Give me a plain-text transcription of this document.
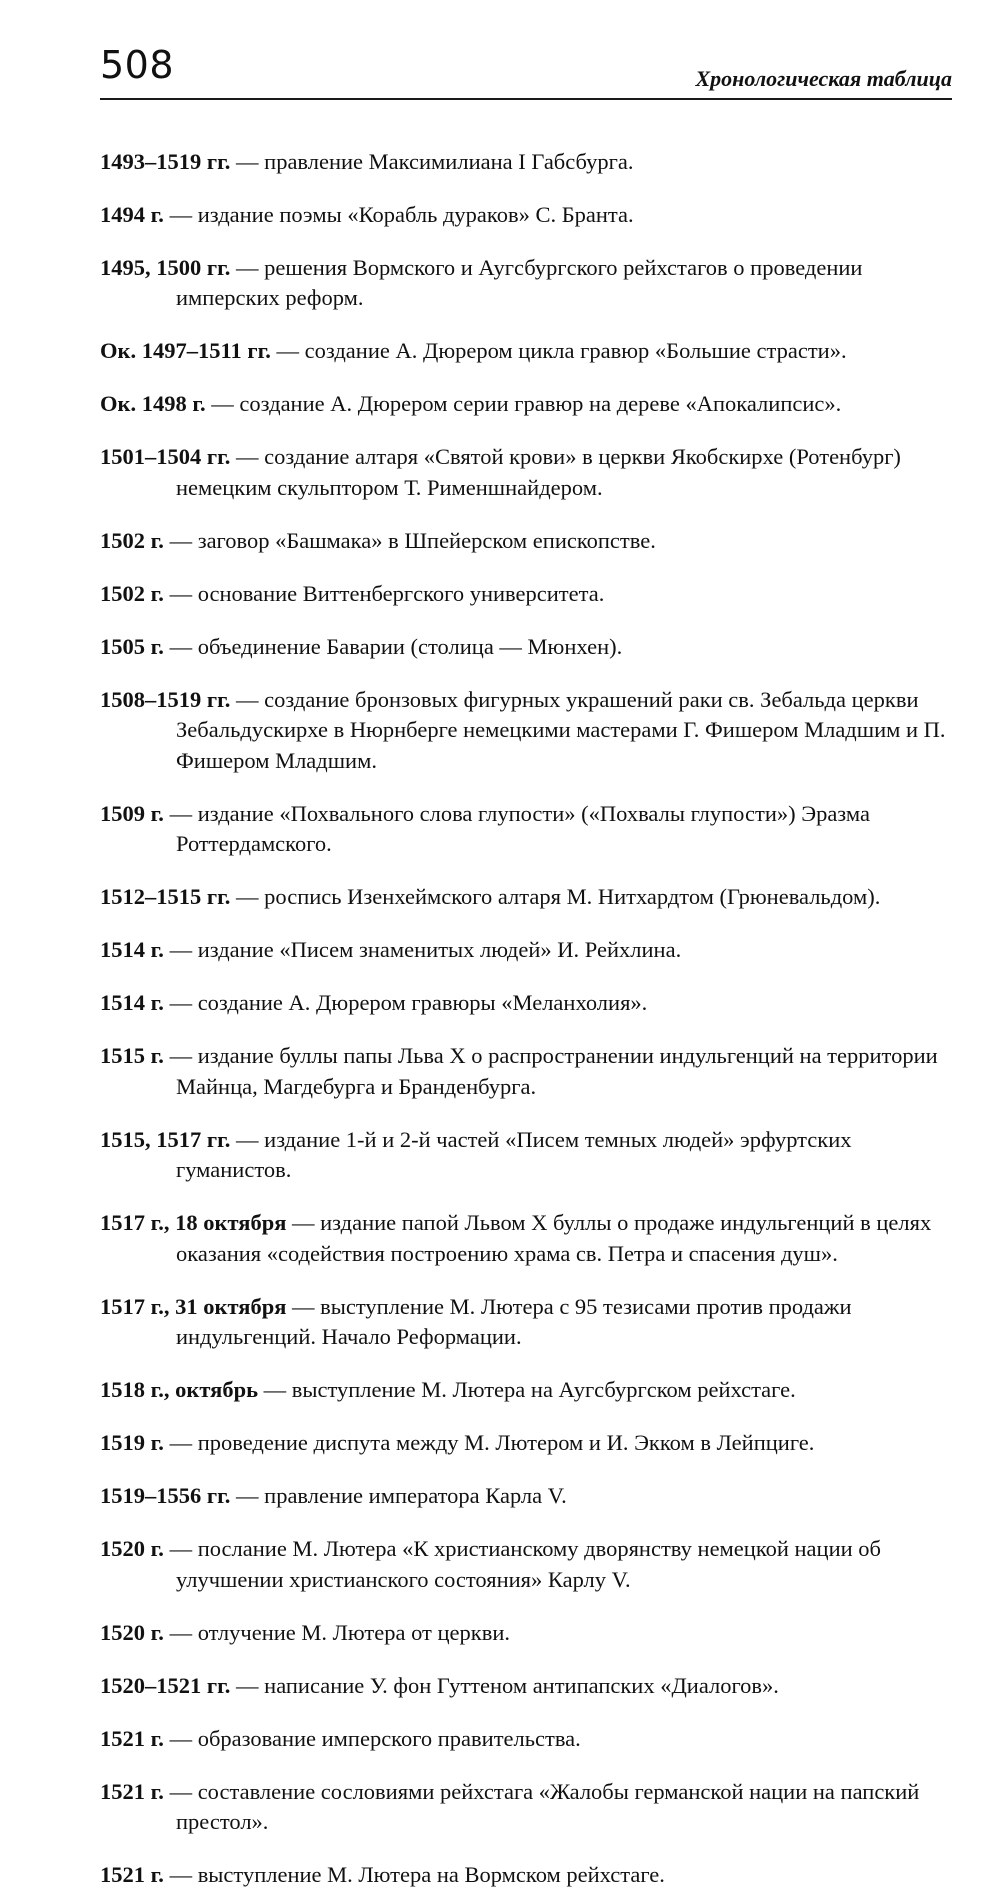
508	Хронологическая таблица

1493–1519 гг. — правление Максимилиана I Габсбурга.

1494 г. — издание поэмы «Корабль дураков» С. Бранта.

1495, 1500 гг. — решения Вормского и Аугсбургского рейхстагов о проведении имперских реформ.

Ок. 1497–1511 гг. — создание А. Дюрером цикла гравюр «Большие страсти».

Ок. 1498 г. — создание А. Дюрером серии гравюр на дереве «Апокалипсис».

1501–1504 гг. — создание алтаря «Святой крови» в церкви Якобскирхе (Ротенбург) немецким скульптором Т. Рименшнайдером.

1502 г. — заговор «Башмака» в Шпейерском епископстве.

1502 г. — основание Виттенбергского университета.

1505 г. — объединение Баварии (столица — Мюнхен).

1508–1519 гг. — создание бронзовых фигурных украшений раки св. Зебальда церкви Зебальдускирхе в Нюрнберге немецкими мастерами Г. Фишером Младшим и П. Фишером Младшим.

1509 г. — издание «Похвального слова глупости» («Похвалы глупости») Эразма Роттердамского.

1512–1515 гг. — роспись Изенхеймского алтаря М. Нитхардтом (Грюневальдом).

1514 г. — издание «Писем знаменитых людей» И. Рейхлина.

1514 г. — создание А. Дюрером гравюры «Меланхолия».

1515 г. — издание буллы папы Льва X о распространении индульгенций на территории Майнца, Магдебурга и Бранденбурга.

1515, 1517 гг. — издание 1-й и 2-й частей «Писем темных людей» эрфуртских гуманистов.

1517 г., 18 октября — издание папой Львом X буллы о продаже индульгенций в целях оказания «содействия построению храма св. Петра и спасения душ».

1517 г., 31 октября — выступление М. Лютера с 95 тезисами против продажи индульгенций. Начало Реформации.

1518 г., октябрь — выступление М. Лютера на Аугсбургском рейхстаге.

1519 г. — проведение диспута между М. Лютером и И. Экком в Лейпциге.

1519–1556 гг. — правление императора Карла V.

1520 г. — послание М. Лютера «К христианскому дворянству немецкой нации об улучшении христианского состояния» Карлу V.

1520 г. — отлучение М. Лютера от церкви.

1520–1521 гг. — написание У. фон Гуттеном антипапских «Диалогов».

1521 г. — образование имперского правительства.

1521 г. — составление сословиями рейхстага «Жалобы германской нации на папский престол».

1521 г. — выступление М. Лютера на Вормском рейхстаге.
